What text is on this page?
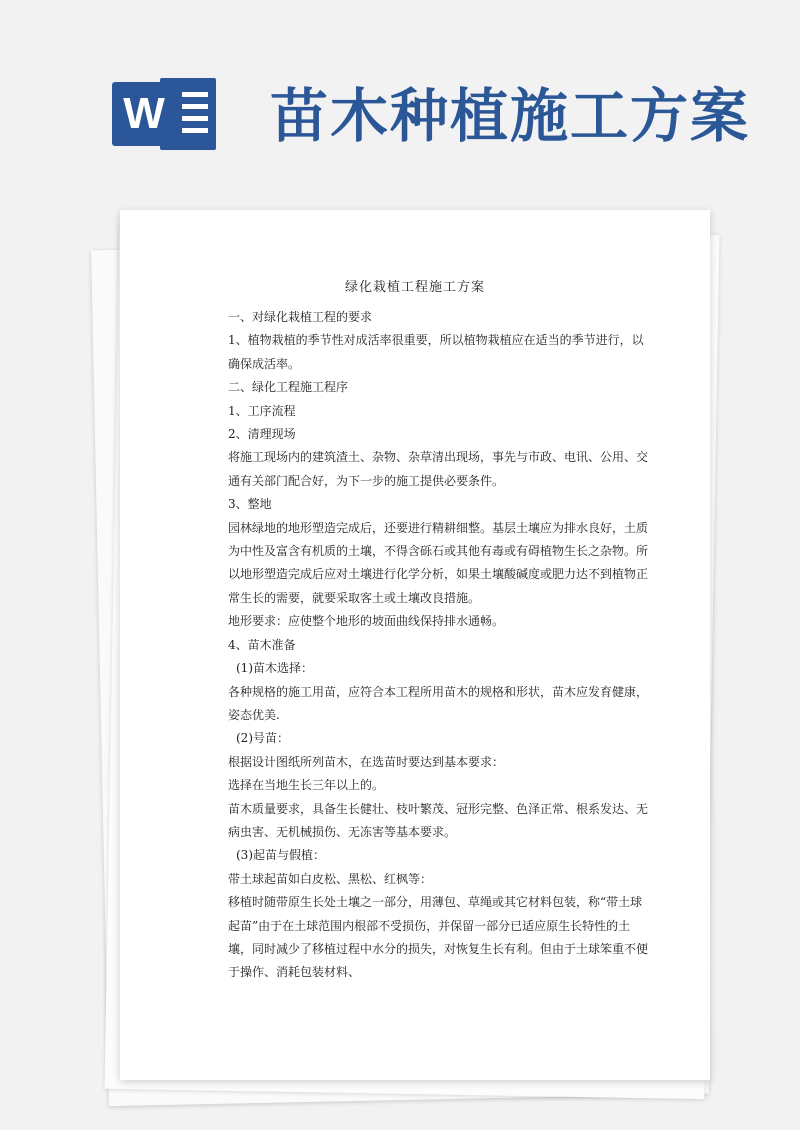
W 苗木种植施工方案
绿化栽植工程施工方案

一、对绿化栽植工程的要求

1、植物栽植的季节性对成活率很重要，所以植物栽植应在适当的季节进行，以确保成活率。

二、绿化工程施工程序

1、工序流程

2、清理现场

将施工现场内的建筑渣土、杂物、杂草清出现场，事先与市政、电讯、公用、交通有关部门配合好，为下一步的施工提供必要条件。

3、整地

园林绿地的地形塑造完成后，还要进行精耕细整。基层土壤应为排水良好，土质为中性及富含有机质的土壤，不得含砾石或其他有毒或有碍植物生长之杂物。所以地形塑造完成后应对土壤进行化学分析，如果土壤酸碱度或肥力达不到植物正常生长的需要，就要采取客土或土壤改良措施。

地形要求：应使整个地形的坡面曲线保持排水通畅。

4、苗木准备

(1)苗木选择：

各种规格的施工用苗，应符合本工程所用苗木的规格和形状，苗木应发育健康，姿态优美.

(2)号苗：

根据设计图纸所列苗木，在选苗时要达到基本要求：

选择在当地生长三年以上的。

苗木质量要求，具备生长健壮、枝叶繁茂、冠形完整、色泽正常、根系发达、无病虫害、无机械损伤、无冻害等基本要求。

(3)起苗与假植：

带土球起苗如白皮松、黑松、红枫等：

移植时随带原生长处土壤之一部分，用薄包、草绳或其它材料包装，称“带土球起苗”由于在土球范围内根部不受损伤，并保留一部分已适应原生长特性的土壤，同时减少了移植过程中水分的损失，对恢复生长有利。但由于土球笨重不便于操作、消耗包装材料、
